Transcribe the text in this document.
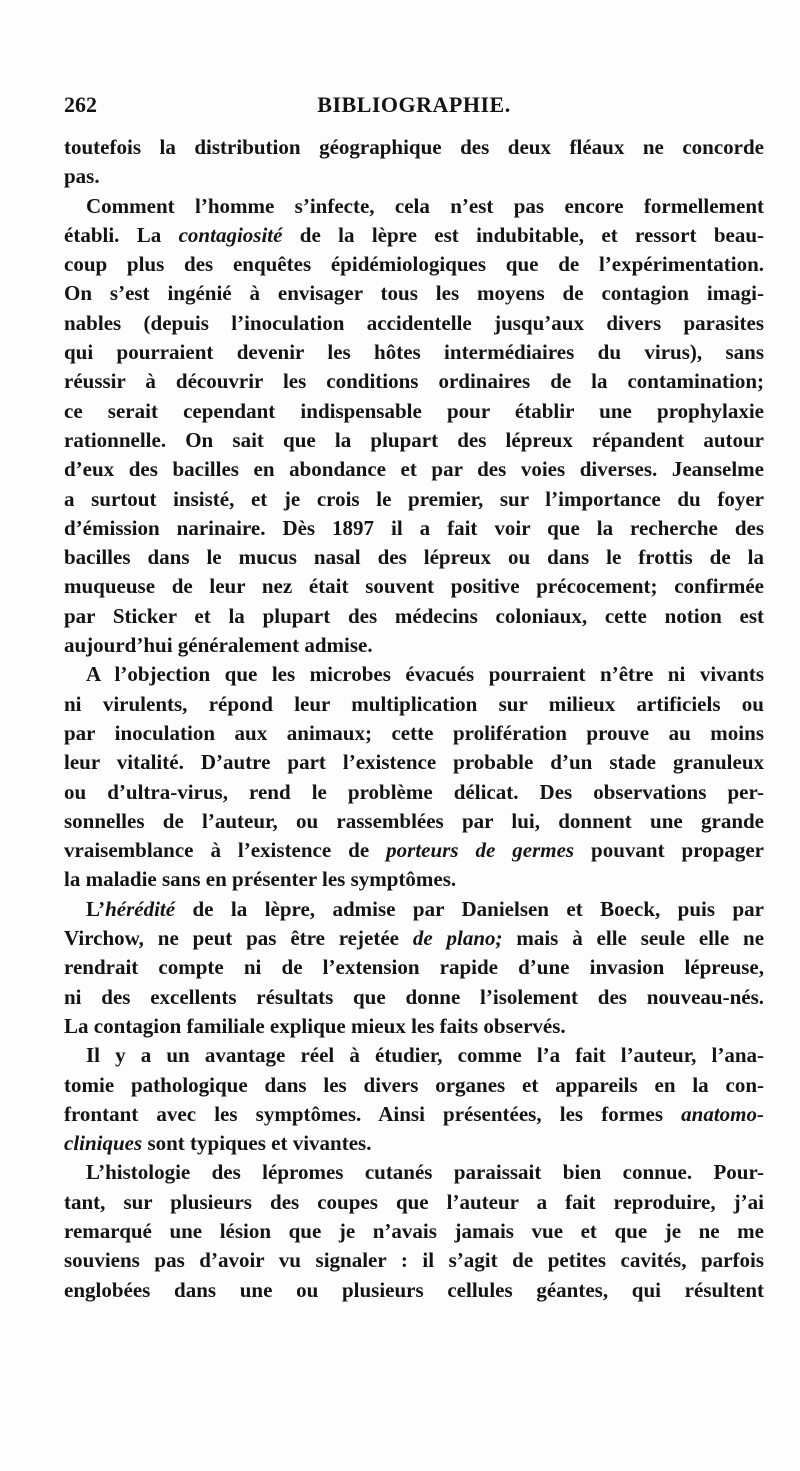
262	BIBLIOGRAPHIE.
toutefois la distribution géographique des deux fléaux ne concorde
pas.
Comment l’homme s’infecte, cela n’est pas encore formellement
établi. La contagiosité de la lèpre est indubitable, et ressort beau-
coup plus des enquêtes épidémiologiques que de l’expérimentation.
On s’est ingénié à envisager tous les moyens de contagion imagi-
nables (depuis l’inoculation accidentelle jusqu’aux divers parasites
qui pourraient devenir les hôtes intermédiaires du virus), sans
réussir à découvrir les conditions ordinaires de la contamination;
ce serait cependant indispensable pour établir une prophylaxie
rationnelle. On sait que la plupart des lépreux répandent autour
d’eux des bacilles en abondance et par des voies diverses. Jeanselme
a surtout insisté, et je crois le premier, sur l’importance du foyer
d’émission narinaire. Dès 1897 il a fait voir que la recherche des
bacilles dans le mucus nasal des lépreux ou dans le frottis de la
muqueuse de leur nez était souvent positive précocement; confirmée
par Sticker et la plupart des médecins coloniaux, cette notion est
aujourd’hui généralement admise.
A l’objection que les microbes évacués pourraient n’être ni vivants
ni virulents, répond leur multiplication sur milieux artificiels ou
par inoculation aux animaux; cette prolifération prouve au moins
leur vitalité. D’autre part l’existence probable d’un stade granuleux
ou d’ultra-virus, rend le problème délicat. Des observations per-
sonnelles de l’auteur, ou rassemblées par lui, donnent une grande
vraisemblance à l’existence de porteurs de germes pouvant propager
la maladie sans en présenter les symptômes.
L’hérédité de la lèpre, admise par Danielsen et Boeck, puis par
Virchow, ne peut pas être rejetée de plano; mais à elle seule elle ne
rendrait compte ni de l’extension rapide d’une invasion lépreuse,
ni des excellents résultats que donne l’isolement des nouveau-nés.
La contagion familiale explique mieux les faits observés.
Il y a un avantage réel à étudier, comme l’a fait l’auteur, l’ana-
tomie pathologique dans les divers organes et appareils en la con-
frontant avec les symptômes. Ainsi présentées, les formes anatomo-
cliniques sont typiques et vivantes.
L’histologie des lépromes cutanés paraissait bien connue. Pour-
tant, sur plusieurs des coupes que l’auteur a fait reproduire, j’ai
remarqué une lésion que je n’avais jamais vue et que je ne me
souviens pas d’avoir vu signaler : il s’agit de petites cavités, parfois
englobées dans une ou plusieurs cellules géantes, qui résultent
